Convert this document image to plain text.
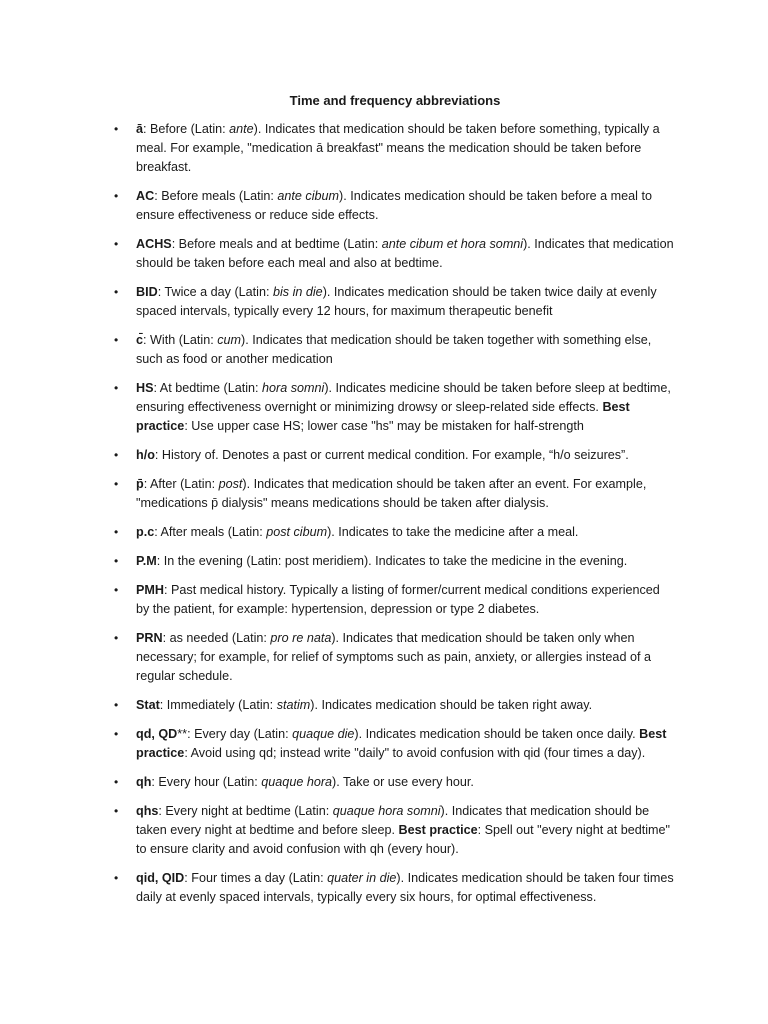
Time and frequency abbreviations
• ā: Before (Latin: ante). Indicates that medication should be taken before something, typically a meal. For example, "medication ā breakfast" means the medication should be taken before breakfast.
• AC: Before meals (Latin: ante cibum). Indicates medication should be taken before a meal to ensure effectiveness or reduce side effects.
• ACHS: Before meals and at bedtime (Latin: ante cibum et hora somni). Indicates that medication should be taken before each meal and also at bedtime.
• BID: Twice a day (Latin: bis in die). Indicates medication should be taken twice daily at evenly spaced intervals, typically every 12 hours, for maximum therapeutic benefit
• c̄: With (Latin: cum). Indicates that medication should be taken together with something else, such as food or another medication
• HS: At bedtime (Latin: hora somni). Indicates medicine should be taken before sleep at bedtime, ensuring effectiveness overnight or minimizing drowsy or sleep-related side effects. Best practice: Use upper case HS; lower case "hs" may be mistaken for half-strength
• h/o: History of. Denotes a past or current medical condition. For example, “h/o seizures”.
• p̄: After (Latin: post). Indicates that medication should be taken after an event. For example, "medications p̄ dialysis" means medications should be taken after dialysis.
• p.c: After meals (Latin: post cibum). Indicates to take the medicine after a meal.
• P.M: In the evening (Latin: post meridiem). Indicates to take the medicine in the evening.
• PMH: Past medical history. Typically a listing of former/current medical conditions experienced by the patient, for example: hypertension, depression or type 2 diabetes.
• PRN: as needed (Latin: pro re nata). Indicates that medication should be taken only when necessary; for example, for relief of symptoms such as pain, anxiety, or allergies instead of a regular schedule.
• Stat: Immediately (Latin: statim). Indicates medication should be taken right away.
• qd, QD**: Every day (Latin: quaque die). Indicates medication should be taken once daily. Best practice: Avoid using qd; instead write "daily" to avoid confusion with qid (four times a day).
• qh: Every hour (Latin: quaque hora). Take or use every hour.
• qhs: Every night at bedtime (Latin: quaque hora somni). Indicates that medication should be taken every night at bedtime and before sleep. Best practice: Spell out "every night at bedtime" to ensure clarity and avoid confusion with qh (every hour).
• qid, QID: Four times a day (Latin: quater in die). Indicates medication should be taken four times daily at evenly spaced intervals, typically every six hours, for optimal effectiveness.
